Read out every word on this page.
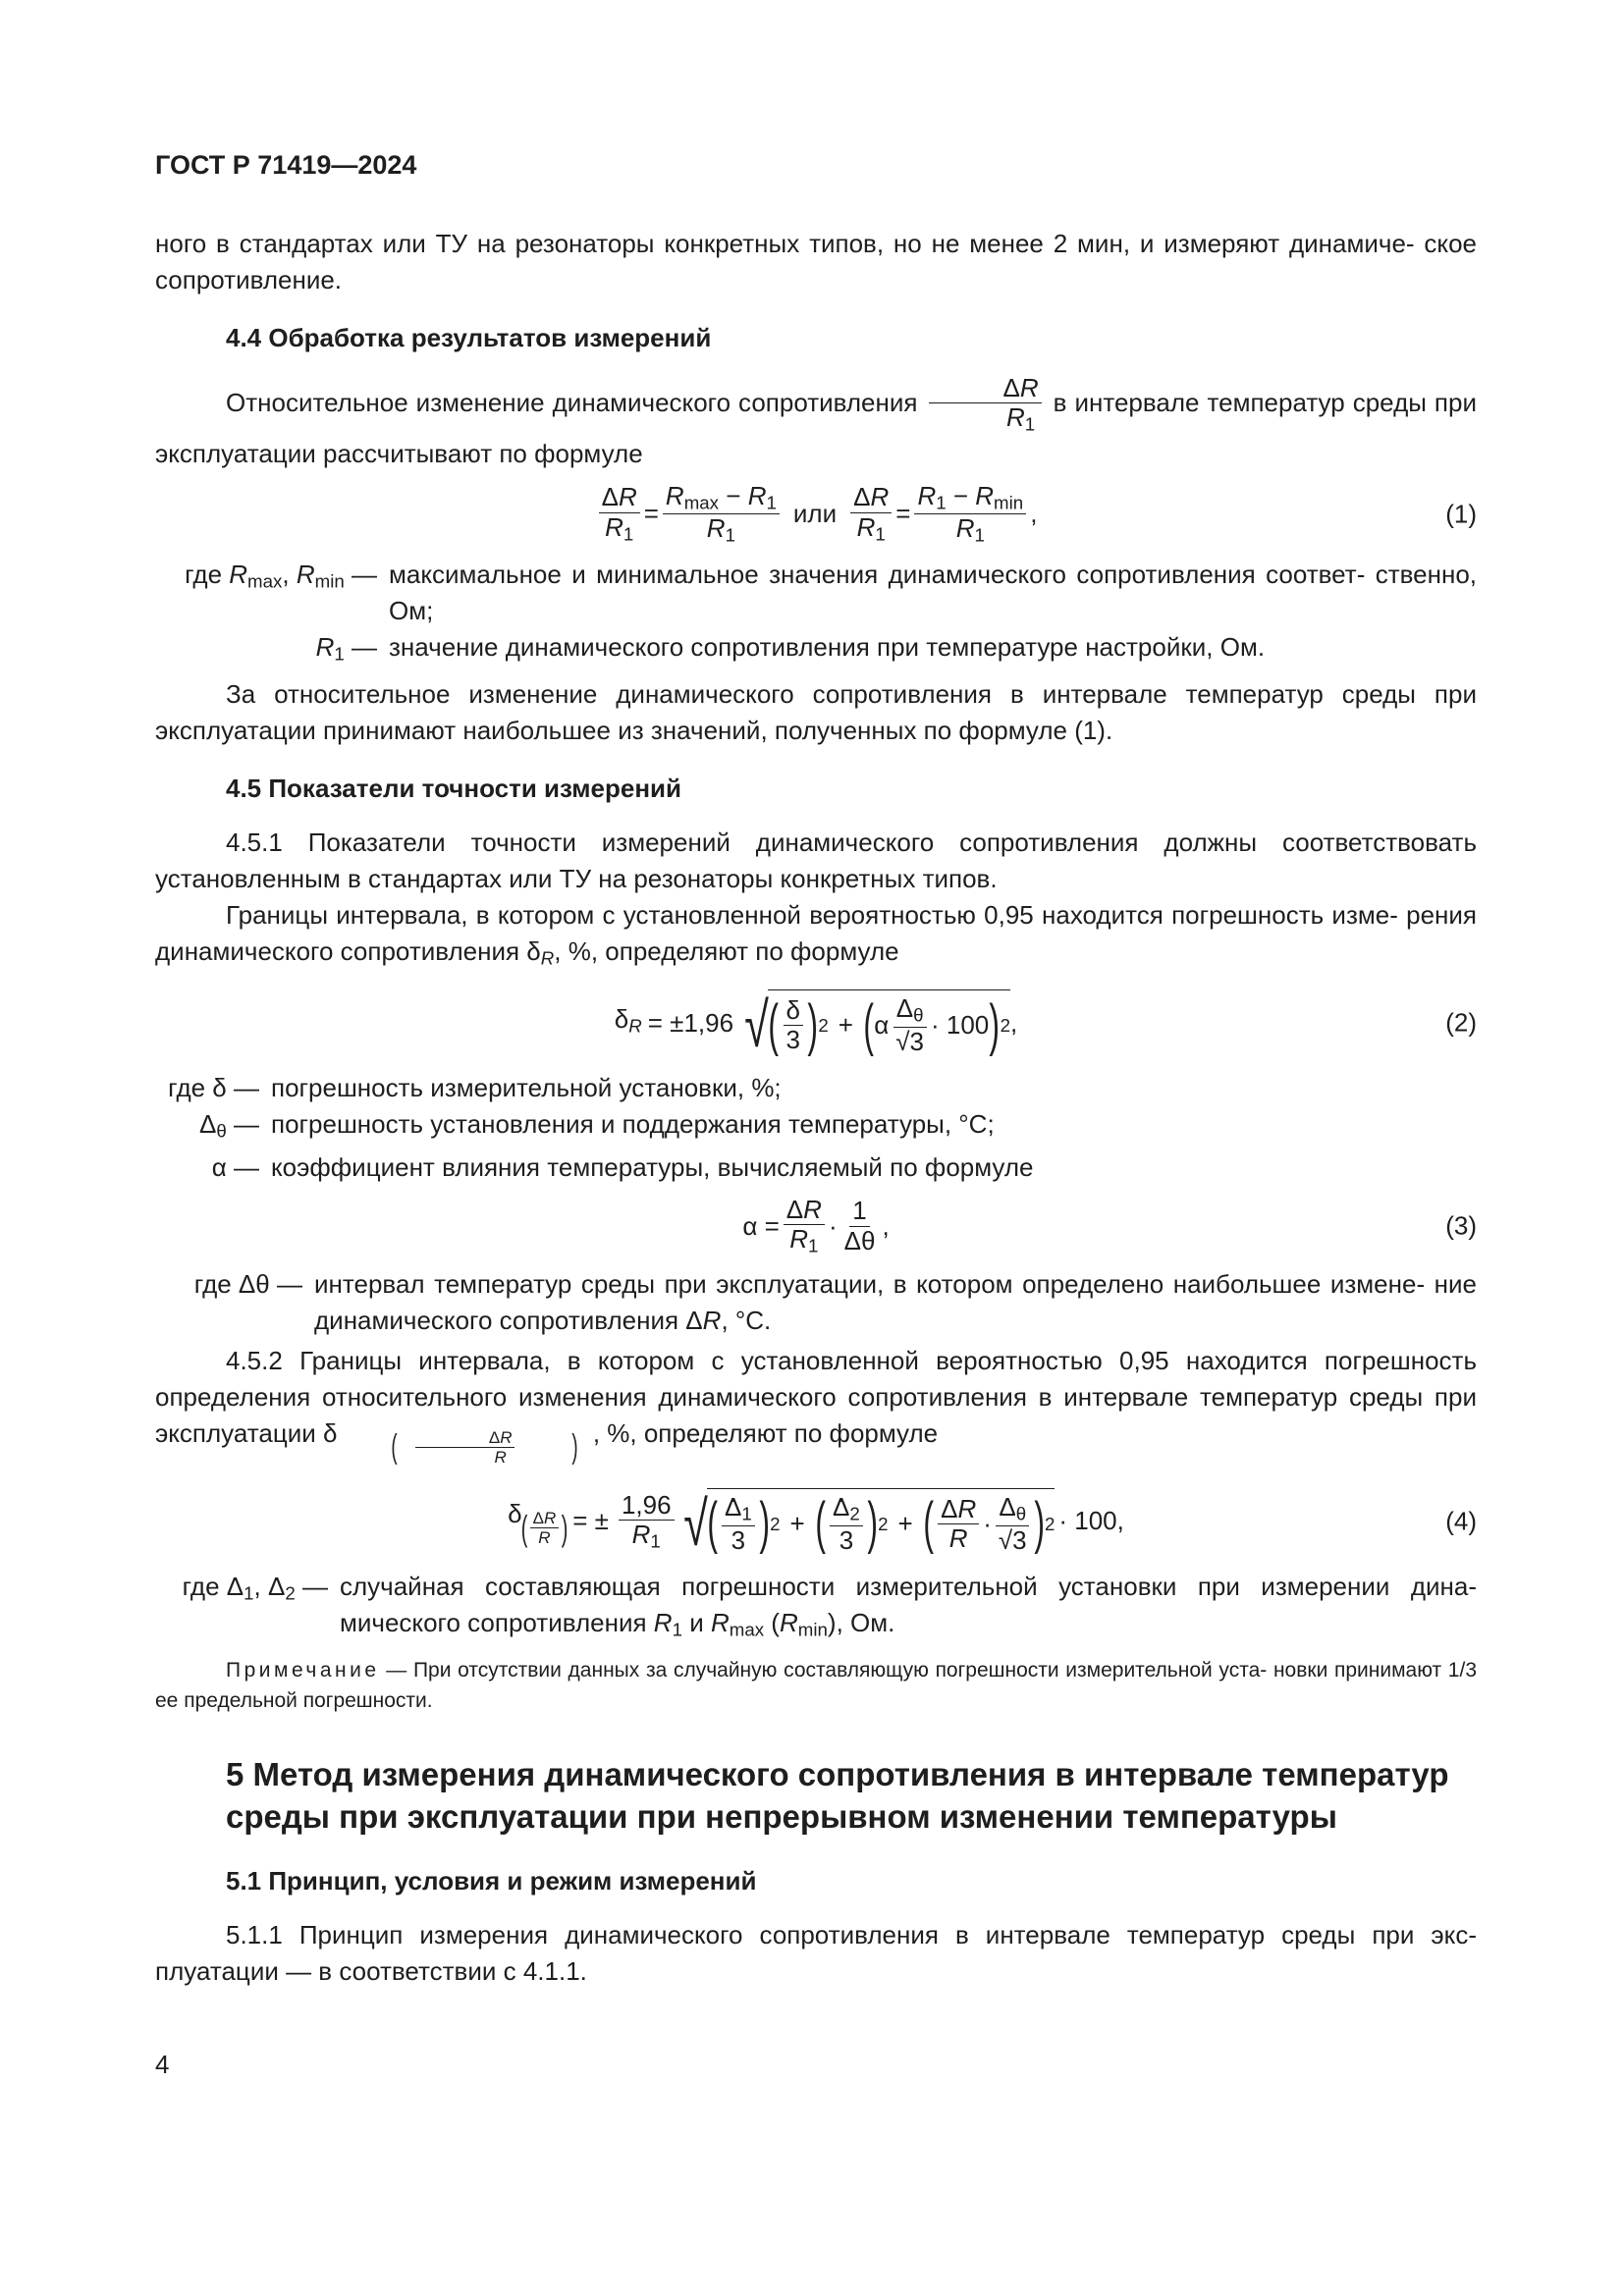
ГОСТ Р 71419—2024

ного в стандартах или ТУ на резонаторы конкретных типов, но не менее 2 мин, и измеряют динамиче- ское сопротивление.

4.4 Обработка результатов измерений

Относительное изменение динамического сопротивления $\frac{\Delta R}{R1}$ в интервале температур среды при эксплуатации рассчитывают по формуле

$\frac{\Delta R}{R1} = \frac{Rmax - R1}{R1}$ или $\frac{\Delta R}{R1} = \frac{R1 - Rmin}{R1}$ ,	(1)
где Rmax, Rmin — максимальное и минимальное значения динамического сопротивления соответ- ственно, Ом;
R1 — значение динамического сопротивления при температуре настройки, Ом.

За относительное изменение динамического сопротивления в интервале температур среды при эксплуатации принимают наибольшее из значений, полученных по формуле (1).

4.5 Показатели точности измерений

4.5.1 Показатели точности измерений динамического сопротивления должны соответствовать установленным в стандартах или ТУ на резонаторы конкретных типов.

Границы интервала, в котором с установленной вероятностью 0,95 находится погрешность изме- рения динамического сопротивления δR, %, определяют по формуле

δR = ±1,96 √ ( $\frac{\delta}{3}$ ) 2 + ( α $\frac{\Delta\theta}{√3} \cdot 100$ ) 2 ,	(2)
где δ — погрешность измерительной установки, %;
Δθ — погрешность установления и поддержания температуры, °C;
α — коэффициент влияния температуры, вычисляемый по формуле
$\alpha = \frac{\Delta R}{R1} \cdot \frac{1}{\Delta\theta}$ ,	(3)
где Δθ — интервал температур среды при эксплуатации, в котором определено наибольшее измене- ние динамического сопротивления ΔR, °C.

4.5.2 Границы интервала, в котором с установленной вероятностью 0,95 находится погрешность определения относительного изменения динамического сопротивления в интервале температур среды при эксплуатации δ	( $\frac{\Delta R}{R}$	) , %, определяют по формуле

δ
( $\frac{\Delta R}{R}$ ) = ± $\frac{1,96}{R1}$ √ ( . $\frac{\Delta 1}{3}$ ) 2 + ( . $\frac{\Delta 2}{3}$ ) 2 + ( $\frac{\Delta R}{R} \cdot \frac{\Delta\theta}{√3}$ ) 2 · 100,	(4)
где . Δ1, . Δ2 — случайная составляющая погрешности измерительной установки при измерении дина- мического сопротивления R1 и Rmax (Rmin), Ом.

Примечание — При отсутствии данных за случайную составляющую погрешности измерительной уста- новки принимают 1/3 ее предельной погрешности.

5 Метод измерения динамического сопротивления в интервале температур среды при эксплуатации при непрерывном изменении температуры
5.1 Принцип, условия и режим измерений

5.1.1 Принцип измерения динамического сопротивления в интервале температур среды при экс- плуатации — в соответствии с 4.1.1.

4
